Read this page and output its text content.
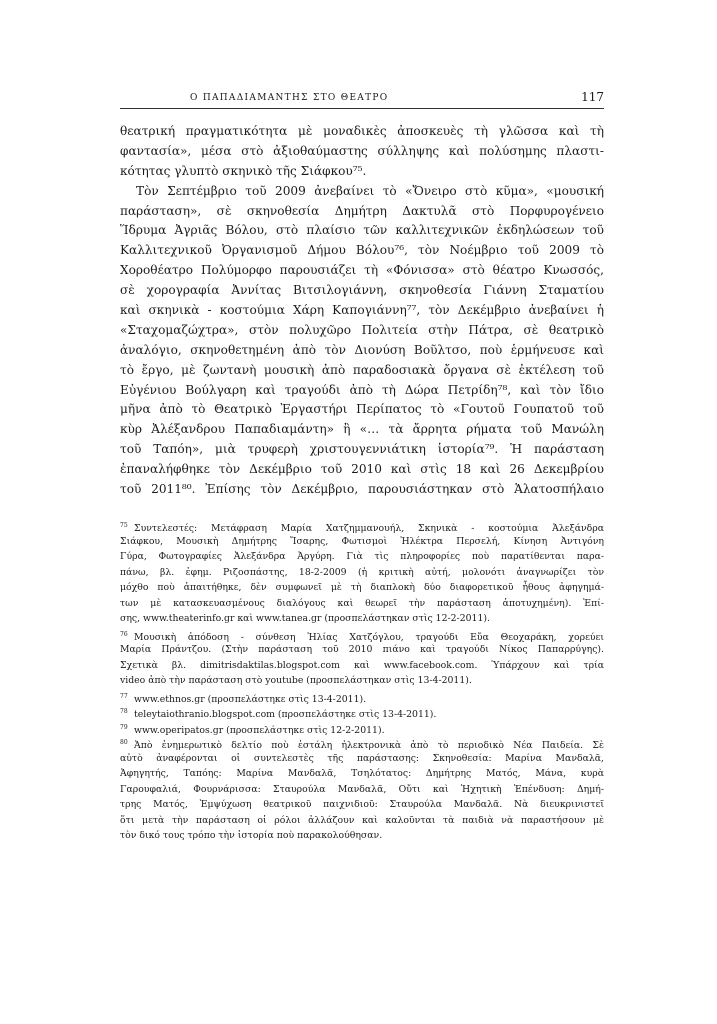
Ο ΠΑΠΑΔΙΑΜΑΝΤΗΣ ΣΤΟ ΘΕΑΤΡΟ	117
θεατρική πραγματικότητα μὲ μοναδικὲς ἀποσκευὲς τὴ γλῶσσα καὶ τὴ
φαντασία», μέσα στὸ ἀξιοθαύμαστης σύλληψης καὶ πολύσημης πλαστι-
κότητας γλυπτὸ σκηνικὸ τῆς Σιάφκου⁷⁵.
Τὸν Σεπτέμβριο τοῦ 2009 ἀνεβαίνει τὸ «Ὄνειρο στὸ κῦμα», «μουσική
παράσταση», σὲ σκηνοθεσία Δημήτρη Δακτυλᾶ στὸ Πορφυρογένειο
Ἵδρυμα Ἀγριᾶς Βόλου, στὸ πλαίσιο τῶν καλλιτεχνικῶν ἐκδηλώσεων τοῦ
Καλλιτεχνικοῦ Ὀργανισμοῦ Δήμου Βόλου⁷⁶, τὸν Νοέμβριο τοῦ 2009 τὸ
Χοροθέατρο Πολύμορφο παρουσιάζει τὴ «Φόνισσα» στὸ θέατρο Κνωσσός,
σὲ χορογραφία Ἀννίτας Βιτσιλογιάννη, σκηνοθεσία Γιάννη Σταματίου
καὶ σκηνικὰ - κοστούμια Χάρη Καπογιάννη⁷⁷, τὸν Δεκέμβριο ἀνεβαίνει ἡ
«Σταχομαζώχτρα», στὸν πολυχῶρο Πολιτεία στὴν Πάτρα, σὲ θεατρικὸ
ἀναλόγιο, σκηνοθετημένη ἀπὸ τὸν Διονύση Βοῦλτσο, ποὺ ἑρμήνευσε καὶ
τὸ ἔργο, μὲ ζωντανὴ μουσικὴ ἀπὸ παραδοσιακὰ ὄργανα σὲ ἐκτέλεση τοῦ
Εὐγένιου Βούλγαρη καὶ τραγούδι ἀπὸ τὴ Δώρα Πετρίδη⁷⁸, καὶ τὸν ἴδιο
μῆνα ἀπὸ τὸ Θεατρικὸ Ἐργαστήρι Περίπατος τὸ «Γουτοῦ Γουπατοῦ τοῦ
κὺρ Ἀλέξανδρου Παπαδιαμάντη» ἢ «… τὰ ἄρρητα ρήματα τοῦ Μανώλη
τοῦ Ταπόη», μιὰ τρυφερὴ χριστουγεννιάτικη ἱστορία⁷⁹. Ἡ παράσταση
ἐπαναλήφθηκε τὸν Δεκέμβριο τοῦ 2010 καὶ στὶς 18 καὶ 26 Δεκεμβρίου
τοῦ 2011⁸⁰. Ἐπίσης τὸν Δεκέμβριο, παρουσιάστηκαν στὸ Ἁλατοσπήλαιο
75 Συντελεστές: Μετάφραση Μαρία Χατζημμανουήλ, Σκηνικὰ - κοστούμια Ἀλεξάνδρα
Σιάφκου, Μουσικὴ Δημήτρης Ἴσαρης, Φωτισμοὶ Ἠλέκτρα Περσελή, Κίνηση Ἀντιγόνη
Γύρα, Φωτογραφίες Ἀλεξάνδρα Ἀργύρη. Γιὰ τὶς πληροφορίες ποὺ παρατίθενται παρα-
πάνω, βλ. ἐφημ. Ριζοσπάστης, 18-2-2009 (ἡ κριτικὴ αὐτή, μολονότι ἀναγνωρίζει τὸν
μόχθο ποὺ ἀπαιτήθηκε, δὲν συμφωνεῖ μὲ τὴ διαπλοκὴ δύο διαφορετικοῦ ἦθους ἀφηγημά-
των μὲ κατασκευασμένους διαλόγους καὶ θεωρεῖ τὴν παράσταση ἀποτυχημένη). Ἐπί-
σης, www.theaterinfo.gr καὶ www.tanea.gr (προσπελάστηκαν στὶς 12-2-2011).
76 Μουσικὴ ἀπόδοση - σύνθεση Ἠλίας Χατζόγλου, τραγούδι Εὔα Θεοχαράκη, χορεύει
Μαρία Πράντζου. (Στὴν παράσταση τοῦ 2010 πιάνο καὶ τραγούδι Νίκος Παπαρρύγης).
Σχετικὰ βλ. dimitrisdaktilas.blogspot.com καὶ www.facebook.com. Ὑπάρχουν καὶ τρία
video ἀπὸ τὴν παράσταση στὸ youtube (προσπελάστηκαν στὶς 13-4-2011).
77 www.ethnos.gr (προσπελάστηκε στὶς 13-4-2011).
78 teleytaiothranio.blogspot.com (προσπελάστηκε στὶς 13-4-2011).
79 www.operipatos.gr (προσπελάστηκε στὶς 12-2-2011).
80 Ἀπὸ ἐνημερωτικὸ δελτίο ποὺ ἐστάλη ἠλεκτρονικὰ ἀπὸ τὸ περιοδικὸ Νέα Παιδεία. Σὲ
αὐτὸ ἀναφέρονται οἱ συντελεστὲς τῆς παράστασης: Σκηνοθεσία: Μαρίνα Μανδαλᾶ,
Ἀφηγητής, Ταπόης: Μαρίνα Μανδαλᾶ, Τσηλότατος: Δημήτρης Ματός, Μάνα, κυρὰ
Γαρουφαλιά, Φουρνάρισσα: Σταυρούλα Μανδαλᾶ, Οὔτι καὶ Ἠχητικὴ Ἐπένδυση: Δημή-
τρης Ματός, Ἐμψύχωση θεατρικοῦ παιχνιδιοῦ: Σταυρούλα Μανδαλᾶ. Νὰ διευκρινιστεῖ
ὅτι μετὰ τὴν παράσταση οἱ ρόλοι ἀλλάζουν καὶ καλοῦνται τὰ παιδιὰ νὰ παραστήσουν μὲ
τὸν δικό τους τρόπο τὴν ἱστορία ποὺ παρακολούθησαν.
